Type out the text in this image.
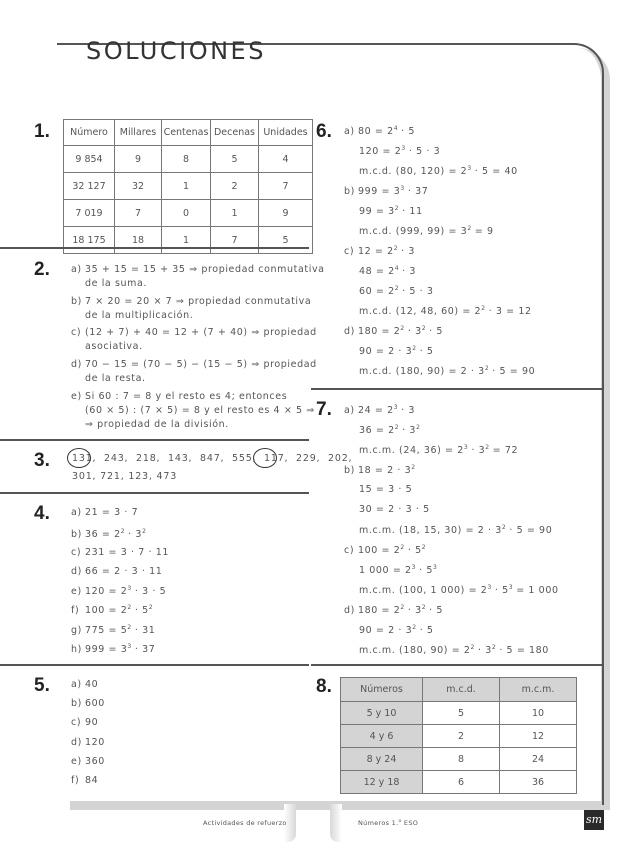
SOLUCIONES
1. Número	Millares	Centenas	Decenas	Unidades
9 854	9	8	5	4
32 127	32	1	2	7
7 019	7	0	1	9
18 175	18	1	7	5
2. a) 35 + 15 = 15 + 35 ⇒ propiedad conmutativa
de la suma.
b) 7 × 20 = 20 × 7 ⇒ propiedad conmutativa
de la multiplicación.
c) (12 + 7) + 40 = 12 + (7 + 40) ⇒ propiedad
asociativa.
d) 70 − 15 = (70 − 5) − (15 − 5) ⇒ propiedad
de la resta.
e) Si 60 : 7 = 8 y el resto es 4; entonces
(60 × 5) : (7 × 5) = 8 y el resto es 4 × 5 ⇒
⇒ propiedad de la división.
3. 131, 243, 218, 143, 847, 555, 117, 229, 202,
301, 721, 123, 473
4. a) 21 = 3 · 7
b) $36 = 2^2 \cdot 3^2$
c) 231 = 3 · 7 · 11
d) 66 = 2 · 3 · 11
e) $120 = 2^3 \cdot 3 \cdot 5$
f) $100 = 2^2 \cdot 5^2$
g) $775 = 5^2 \cdot 31$
h) $999 = 3^3 \cdot 37$
5. a) 40
b) 600
c) 90
d) 120
e) 360
f) 84
6. a) $80 = 2^4 \cdot 5$
$120 = 2^3 \cdot 5 \cdot 3$
m.c.d. (80, $120) = 2^3 \cdot 5 = 40$
b) $999 = 3^3 \cdot 37$
$99 = 3^2 \cdot 11$
m.c.d. (999, $99) = 3^2 = 9$
c) $12 = 2^2 \cdot 3$
$48 = 2^4 \cdot 3$
$60 = 2^2 \cdot 5 \cdot 3$
m.c.d. (12, 48, $60) = 2^2 \cdot 3 = 12$
d) $180 = 2^2 \cdot 3^2 \cdot 5$
$90 = 2 \cdot 3^2 \cdot 5$
m.c.d. (180, $90) = 2 \cdot 3^2 \cdot 5 = 90$
7. a) $24 = 2^3 \cdot 3$
$36 = 2^2 \cdot 3^2$
m.c.m. (24, $36) = 2^3 \cdot 3^2 = 72$
b) $18 = 2 \cdot 3^2$
15 = 3 · 5
30 = 2 · 3 · 5
m.c.m. (18, 15, $30) = 2 \cdot 3^2 \cdot 5 = 90$
c) $100 = 2^2 \cdot 5^2$
1 $000 = 2^3 \cdot 5^3$
m.c.m. (100, 1 $000) = 2^3 \cdot 5^3 = 1$ 000
d) $180 = 2^2 \cdot 3^2 \cdot 5$
$90 = 2 \cdot 3^2 \cdot 5$
m.c.m. (180, $90) = 2^2 \cdot 3^2 \cdot 5 = 180$
8.	Números	m.c.d.	m.c.m.
5 y 10	5	10
4 y 6	2	12
8 y 24	8	24
12 y 18	6	36
Actividades de refuerzo	Números 1.$^o$ ESO	sm
